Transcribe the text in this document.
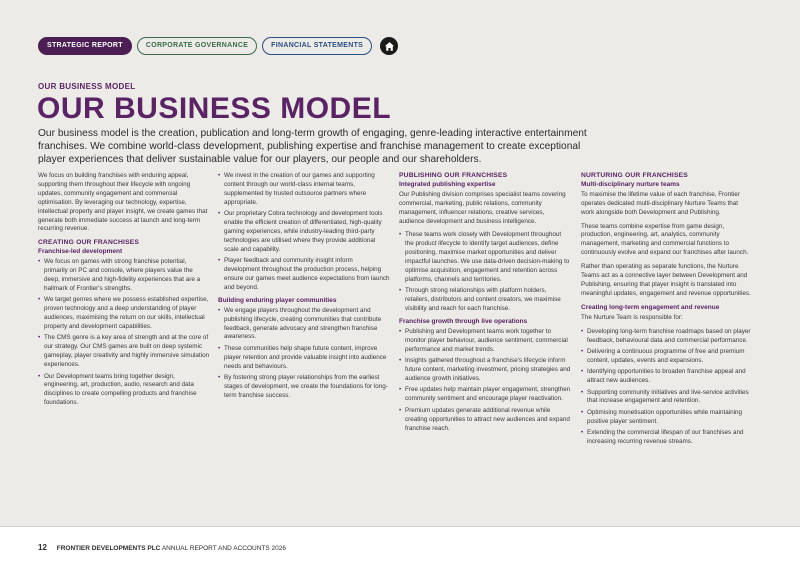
STRATEGIC REPORT	CORPORATE GOVERNANCE	FINANCIAL STATEMENTS
OUR BUSINESS MODEL
OUR BUSINESS MODEL

Our business model is the creation, publication and long-term growth of engaging, genre-leading interactive entertainment franchises. We combine world-class development, publishing expertise and franchise management to create exceptional player experiences that deliver sustainable value for our players, our people and our shareholders.

We focus on building franchises with enduring appeal, supporting them throughout their lifecycle with ongoing updates, community engagement and commercial optimisation. By leveraging our technology, expertise, intellectual property and player insight, we create games that generate both immediate success at launch and long-term recurring revenue.

CREATING OUR FRANCHISES
Franchise-led development
• We focus on games with strong franchise potential, primarily on PC and console, where players value the deep, immersive and high-fidelity experiences that are a hallmark of Frontier's strengths.
• We target genres where we possess established expertise, proven technology and a deep understanding of player audiences, maximising the return on our skills, intellectual property and development capabilities.
• The CMS genre is a key area of strength and at the core of our strategy. Our CMS games are built on deep systemic gameplay, player creativity and highly immersive simulation experiences.
• Our Development teams bring together design, engineering, art, production, audio, research and data disciplines to create compelling products and franchise foundations.
• We invest in the creation of our games and supporting content through our world-class internal teams, supplemented by trusted outsource partners where appropriate.
• Our proprietary Cobra technology and development tools enable the efficient creation of differentiated, high-quality gaming experiences, while industry-leading third-party technologies are utilised where they provide additional scale and capability.
• Player feedback and community insight inform development throughout the production process, helping ensure our games meet audience expectations from launch and beyond.
Building enduring player communities
• We engage players throughout the development and publishing lifecycle, creating communities that contribute feedback, generate advocacy and strengthen franchise awareness.
• These communities help shape future content, improve player retention and provide valuable insight into audience needs and behaviours.
• By fostering strong player relationships from the earliest stages of development, we create the foundations for long-term franchise success.
PUBLISHING OUR FRANCHISES
Integrated publishing expertise

Our Publishing division comprises specialist teams covering commercial, marketing, public relations, community management, influencer relations, creative services, audience development and business intelligence.

• These teams work closely with Development throughout the product lifecycle to identify target audiences, define positioning, maximise market opportunities and deliver impactful launches. We use data-driven decision-making to optimise acquisition, engagement and retention across platforms, channels and territories.
• Through strong relationships with platform holders, retailers, distributors and content creators, we maximise visibility and reach for each franchise.
Franchise growth through live operations
• Publishing and Development teams work together to monitor player behaviour, audience sentiment, commercial performance and market trends.
• Insights gathered throughout a franchise's lifecycle inform future content, marketing investment, pricing strategies and audience growth initiatives.
• Free updates help maintain player engagement, strengthen community sentiment and encourage player reactivation.
• Premium updates generate additional revenue while creating opportunities to attract new audiences and expand franchise reach.
NURTURING OUR FRANCHISES
Multi-disciplinary nurture teams

To maximise the lifetime value of each franchise, Frontier operates dedicated multi-disciplinary Nurture Teams that work alongside both Development and Publishing.

These teams combine expertise from game design, production, engineering, art, analytics, community management, marketing and commercial functions to continuously evolve and expand our franchises after launch.

Rather than operating as separate functions, the Nurture Teams act as a connective layer between Development and Publishing, ensuring that player insight is translated into meaningful updates, engagement and revenue opportunities.

Creating long-term engagement and revenue

The Nurture Team is responsible for:

• Developing long-term franchise roadmaps based on player feedback, behavioural data and commercial performance.
• Delivering a continuous programme of free and premium content, updates, events and expansions.
• Identifying opportunities to broaden franchise appeal and attract new audiences.
• Supporting community initiatives and live-service activities that increase engagement and retention.
• Optimising monetisation opportunities while maintaining positive player sentiment.
• Extending the commercial lifespan of our franchises and increasing recurring revenue streams.
12 FRONTIER DEVELOPMENTS PLC ANNUAL REPORT AND ACCOUNTS 2026
